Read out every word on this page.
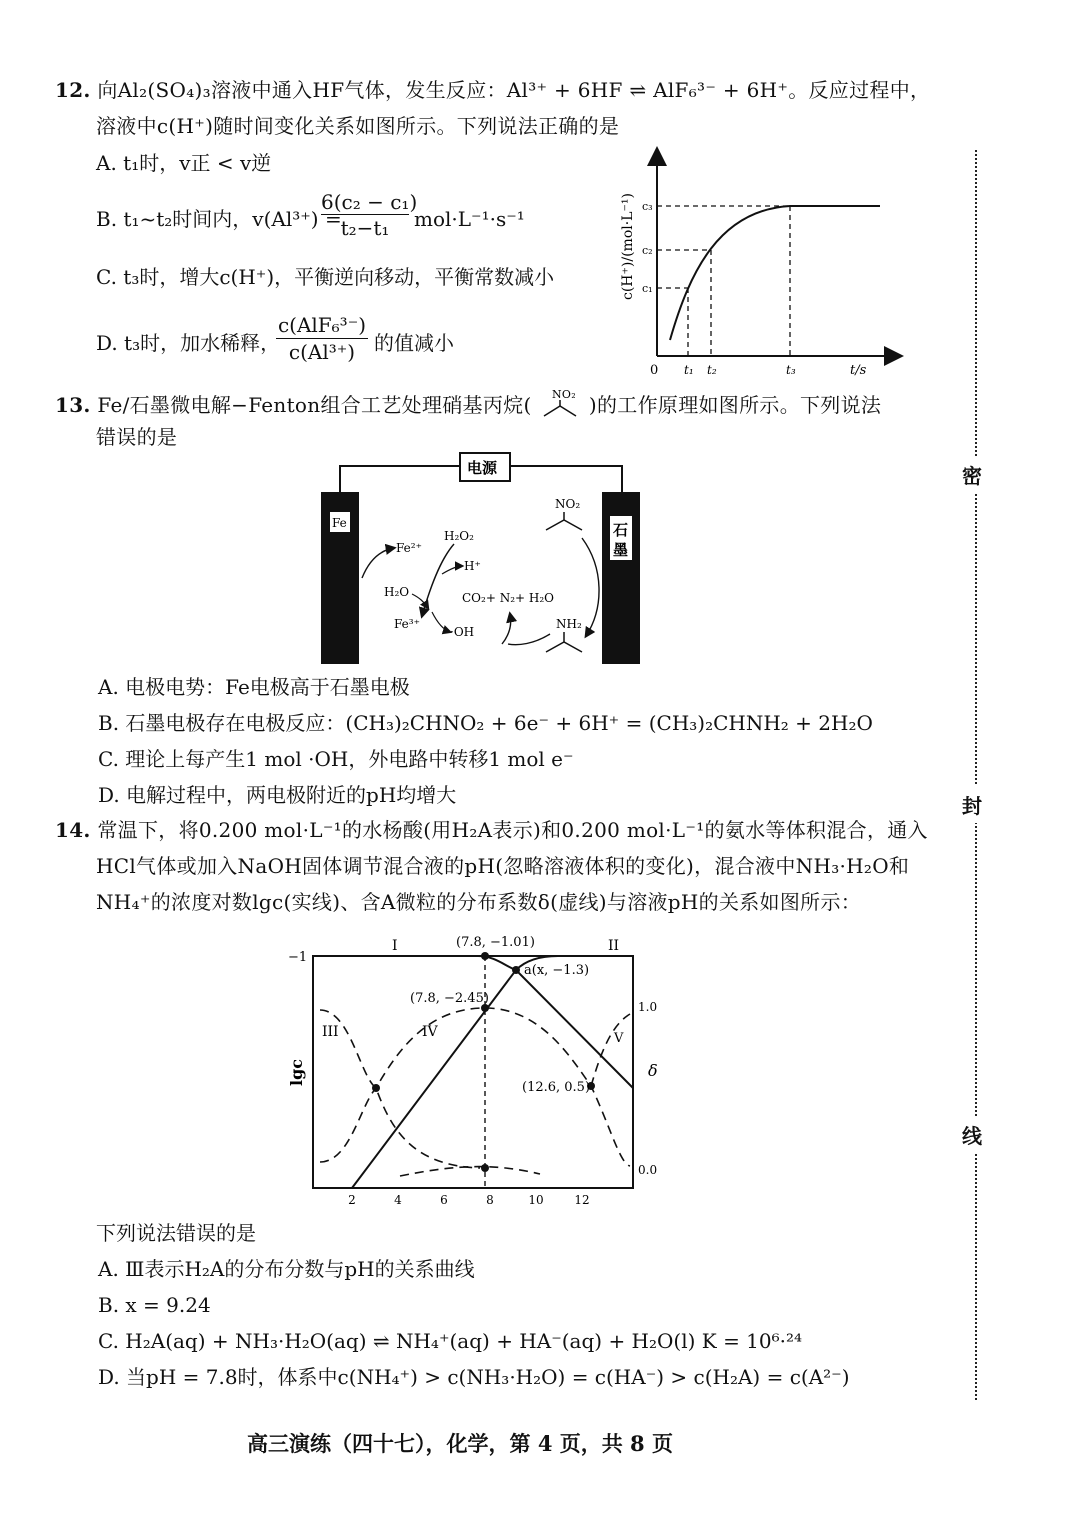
12. 向Al₂(SO₄)₃溶液中通入HF气体，发生反应：Al³⁺ + 6HF ⇌ AlF₆³⁻ + 6H⁺。反应过程中，
溶液中c(H⁺)随时间变化关系如图所示。下列说法正确的是
A. t₁时，v正 < v逆
B. t₁~t₂时间内，v(Al³⁺) =
$\frac{\text{6(c₂ − c₁)}}{\text{t₂−t₁}} mol\cdot L^{-1}\cdot s^{-1}$
C. t₃时，增大c(H⁺)，平衡逆向移动，平衡常数减小
D. t₃时，加水稀释，
c(AlF₆³⁻)
c(Al³⁺) 的值减小
c(H⁺)/(mol·L⁻¹) c₃
c₂
c₁
0 t₁ t₂	t₃	t/s
13. Fe/石墨微电解−Fenton组合工艺处理硝基丙烷( NO₂ )的工作原理如图所示。下列说法
错误的是
电源
Fe	石
墨
Fe²⁺
H₂O₂
H⁺
H₂O
Fe³⁺
·OH
CO₂+ N₂+ H₂O
NO₂
NH₂
A. 电极电势：Fe电极高于石墨电极
B. 石墨电极存在电极反应：(CH₃)₂CHNO₂ + 6e⁻ + 6H⁺ = (CH₃)₂CHNH₂ + 2H₂O
C. 理论上每产生1 mol ·OH，外电路中转移1 mol e⁻
D. 电解过程中，两电极附近的pH均增大
14. 常温下，将0.200 mol·L⁻¹的水杨酸(用H₂A表示)和0.200 mol·L⁻¹的氨水等体积混合，通入
HCl气体或加入NaOH固体调节混合液的pH(忽略溶液体积的变化)，混合液中NH₃·H₂O和
NH₄⁺的浓度对数lgc(实线)、含A微粒的分布系数δ(虚线)与溶液pH的关系如图所示：
−1
lgc	δ
1.0
0.0
I	II
III	IV	V
(7.8, −1.01)
(7.8, −2.45)
a(x, −1.3)
(12.6, 0.5)
2	4	6	8	10	12
下列说法错误的是
A. Ⅲ表示H₂A的分布分数与pH的关系曲线
B. x = 9.24
C. H₂A(aq) + NH₃·H₂O(aq) ⇌ NH₄⁺(aq) + HA⁻(aq) + H₂O(l) K = 10⁶·²⁴
D. 当pH = 7.8时，体系中c(NH₄⁺) > c(NH₃·H₂O) = c(HA⁻) > c(H₂A) = c(A²⁻)
密
封
线
高三演练（四十七），化学，第 4 页，共 8 页
